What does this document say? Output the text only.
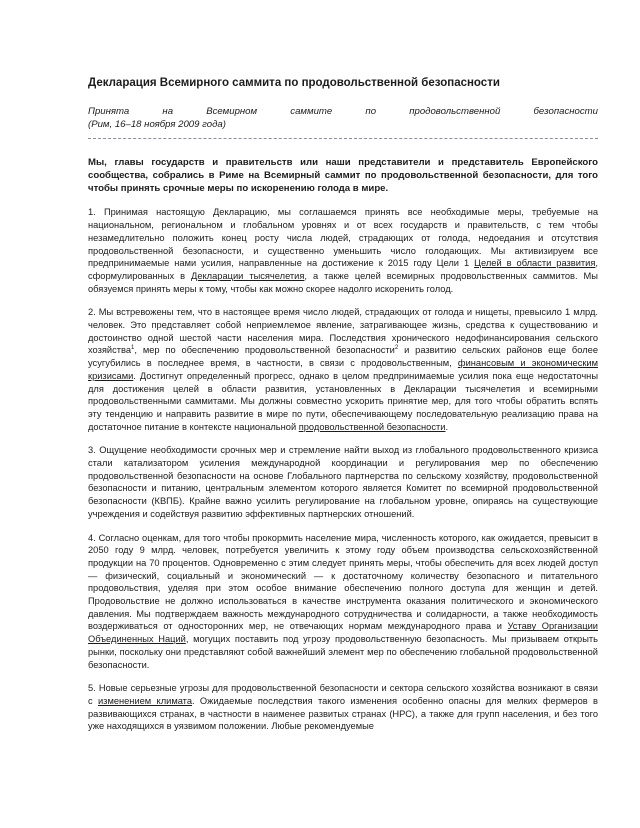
Декларация Всемирного саммита по продовольственной безопасности
Принята на Всемирном саммите по продовольственной безопасности
(Рим, 16–18 ноября 2009 года)

Мы, главы государств и правительств или наши представители и представитель Европейского сообщества, собрались в Риме на Всемирный саммит по продовольственной безопасности, для того чтобы принять срочные меры по искоренению голода в мире.

1. Принимая настоящую Декларацию, мы соглашаемся принять все необходимые меры, требуемые на национальном, региональном и глобальном уровнях и от всех государств и правительств, с тем чтобы незамедлительно положить конец росту числа людей, страдающих от голода, недоедания и отсутствия продовольственной безопасности, и существенно уменьшить число голодающих. Мы активизируем все предпринимаемые нами усилия, направленные на достижение к 2015 году Цели 1 Целей в области развития, сформулированных в Декларации тысячелетия, а также целей всемирных продовольственных саммитов. Мы обязуемся принять меры к тому, чтобы как можно скорее надолго искоренить голод.

2. Мы встревожены тем, что в настоящее время число людей, страдающих от голода и нищеты, превысило 1 млрд. человек. Это представляет собой неприемлемое явление, затрагивающее жизнь, средства к существованию и достоинство одной шестой части населения мира. Последствия хронического недофинансирования сельского хозяйства$^1$, мер по обеспечению продовольственной безопасности$^2$ и развитию сельских районов еще более усугубились в последнее время, в частности, в связи с продовольственным, финансовым и экономическим кризисами. Достигнут определенный прогресс, однако в целом предпринимаемые усилия пока еще недостаточны для достижения целей в области развития, установленных в Декларации тысячелетия и всемирными продовольственными саммитами. Мы должны совместно ускорить принятие мер, для того чтобы обратить вспять эту тенденцию и направить развитие в мире по пути, обеспечивающему последовательную реализацию права на достаточное питание в контексте национальной продовольственной безопасности.

3. Ощущение необходимости срочных мер и стремление найти выход из глобального продовольственного кризиса стали катализатором усиления международной координации и регулирования мер по обеспечению продовольственной безопасности на основе Глобального партнерства по сельскому хозяйству, продовольственной безопасности и питанию, центральным элементом которого является Комитет по всемирной продовольственной безопасности (КВПБ). Крайне важно усилить регулирование на глобальном уровне, опираясь на существующие учреждения и содействуя развитию эффективных партнерских отношений.

4. Согласно оценкам, для того чтобы прокормить население мира, численность которого, как ожидается, превысит в 2050 году 9 млрд. человек, потребуется увеличить к этому году объем производства сельскохозяйственной продукции на 70 процентов. Одновременно с этим следует принять меры, чтобы обеспечить для всех людей доступ — физический, социальный и экономический — к достаточному количеству безопасного и питательного продовольствия, уделяя при этом особое внимание обеспечению полного доступа для женщин и детей. Продовольствие не должно использоваться в качестве инструмента оказания политического и экономического давления. Мы подтверждаем важность международного сотрудничества и солидарности, а также необходимость воздерживаться от односторонних мер, не отвечающих нормам международного права и Уставу Организации Объединенных Наций, могущих поставить под угрозу продовольственную безопасность. Мы призываем открыть рынки, поскольку они представляют собой важнейший элемент мер по обеспечению глобальной продовольственной безопасности.

5. Новые серьезные угрозы для продовольственной безопасности и сектора сельского хозяйства возникают в связи с изменением климата. Ожидаемые последствия такого изменения особенно опасны для мелких фермеров в развивающихся странах, в частности в наименее развитых странах (НРС), а также для групп населения, и без того уже находящихся в уязвимом положении. Любые рекомендуемые
